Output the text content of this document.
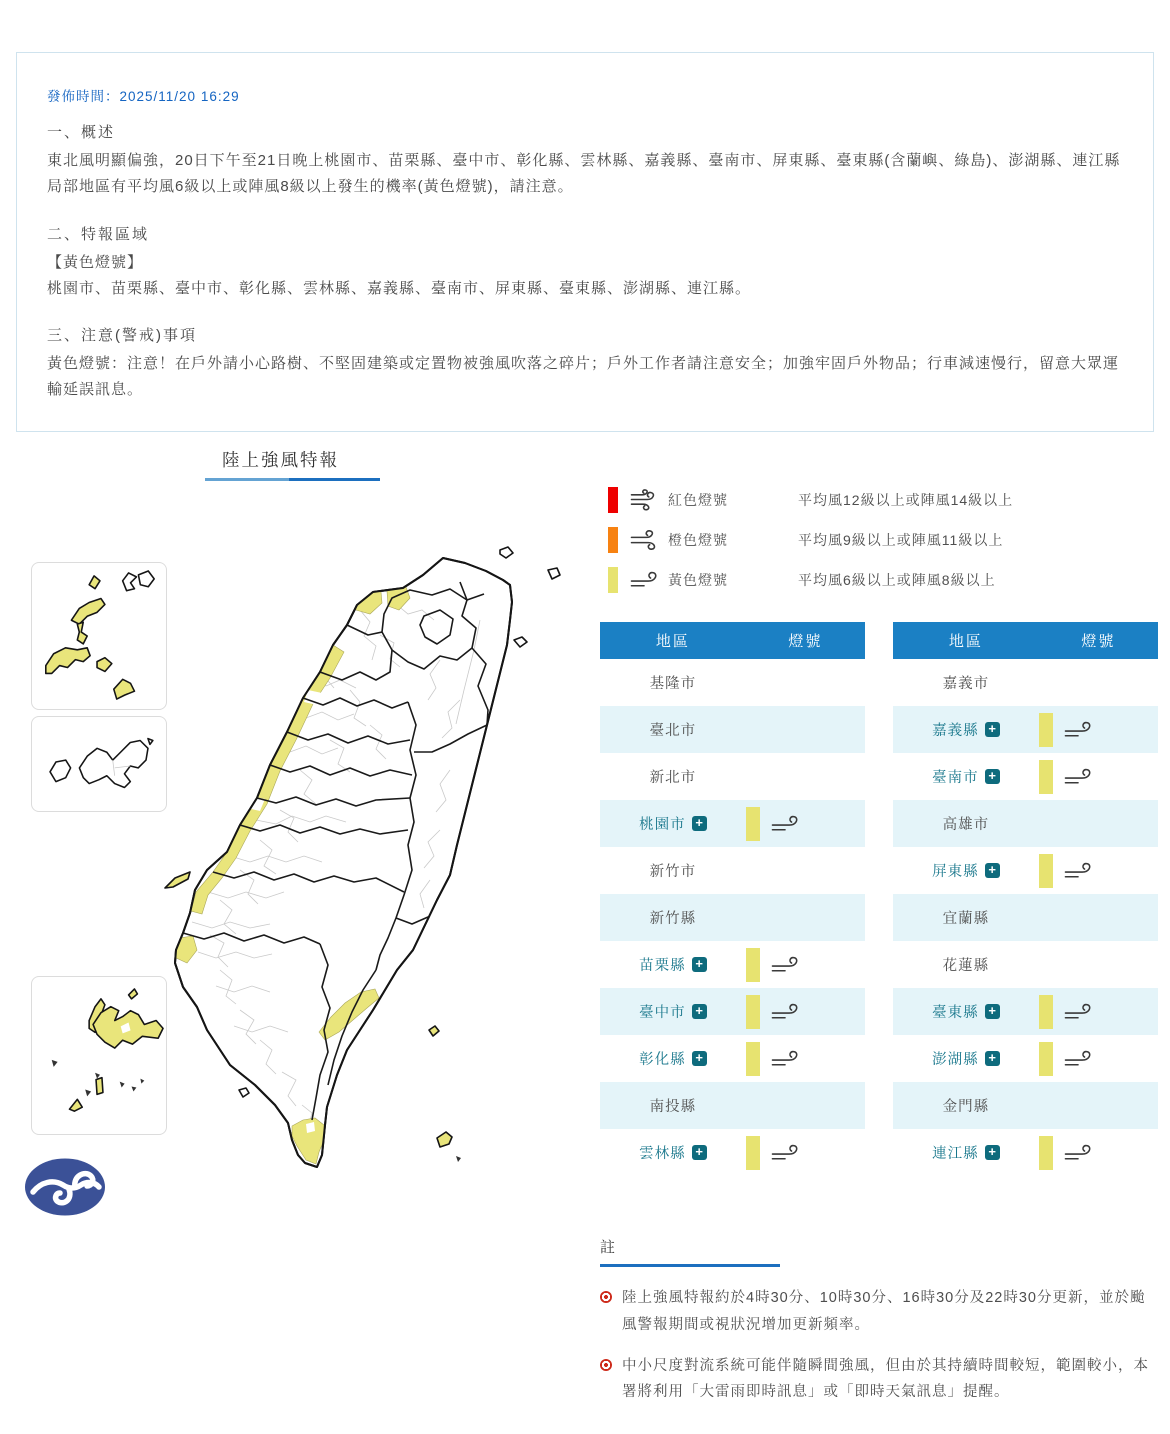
發佈時間：2025/11/20 16:29
一、概述
東北風明顯偏強，20日下午至21日晚上桃園市、苗栗縣、臺中市、彰化縣、雲林縣、嘉義縣、臺南市、屏東縣、臺東縣(含蘭嶼、綠島)、澎湖縣、連江縣局部地區有平均風6級以上或陣風8級以上發生的機率(黃色燈號)，請注意。
二、特報區域
【黃色燈號】
桃園市、苗栗縣、臺中市、彰化縣、雲林縣、嘉義縣、臺南市、屏東縣、臺東縣、澎湖縣、連江縣。
三、注意(警戒)事項
黃色燈號：注意！在戶外請小心路樹、不堅固建築或定置物被強風吹落之碎片；戶外工作者請注意安全；加強牢固戶外物品；行車減速慢行，留意大眾運輸延誤訊息。
陸上強風特報
紅色燈號	平均風12級以上或陣風14級以上
橙色燈號	平均風9級以上或陣風11級以上
黃色燈號	平均風6級以上或陣風8級以上
地區	燈號
基隆市
臺北市
新北市
桃園市 +
新竹市
新竹縣
苗栗縣 +
臺中市 +
彰化縣 +
南投縣
雲林縣 +
地區	燈號
嘉義市
嘉義縣 +
臺南市 +
高雄市
屏東縣 +
宜蘭縣
花蓮縣
臺東縣 +
澎湖縣 +
金門縣
連江縣 +
註
陸上強風特報約於4時30分、10時30分、16時30分及22時30分更新，並於颱風警報期間或視狀況增加更新頻率。
中小尺度對流系統可能伴隨瞬間強風，但由於其持續時間較短，範圍較小，本署將利用「大雷雨即時訊息」或「即時天氣訊息」提醒。
